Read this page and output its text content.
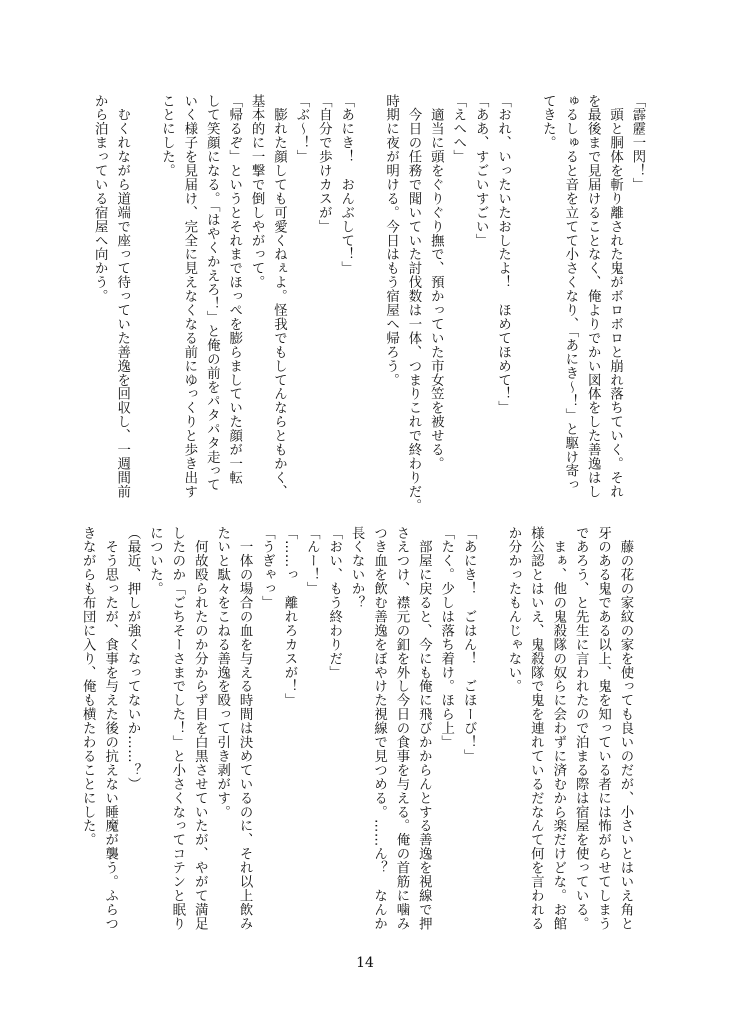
「霹靂一閃！」
　頭と胴体を斬り離された鬼がボロボロと崩れ落ちていく。それ
を最後まで見届けることなく、俺よりでかい図体をした善逸はし
ゅるしゅると音を立てて小さくなり、「あにき〜！」と駆け寄っ
てきた。

「おれ、いったいたおしたよ！　ほめてほめて！」
「ああ、すごいすごい」
「えへへ」
　適当に頭をぐりぐり撫で、預かっていた市女笠を被せる。
　今日の任務で聞いていた討伐数は一体、つまりこれで終わりだ。
時期に夜が明ける。今日はもう宿屋へ帰ろう。

「あにき！　おんぶして！」
「自分で歩けカスが」
「ぶ〜！」
　膨れた顔しても可愛くねぇよ。怪我でもしてんならともかく、
基本的に一撃で倒しやがって。
「帰るぞ」というとそれまでほっぺを膨らましていた顔が一転
して笑顔になる。「はやくかえろ！」と俺の前をパタパタ走って
いく様子を見届け、完全に見えなくなる前にゆっくりと歩き出す
ことにした。

　むくれながら道端で座って待っていた善逸を回収し、一週間前
から泊まっている宿屋へ向かう。
　藤の花の家紋の家を使っても良いのだが、小さいとはいえ角と
牙のある鬼である以上、鬼を知っている者には怖がらせてしまう
であろう、と先生に言われたので泊まる際は宿屋を使っている。
　まぁ、他の鬼殺隊の奴らに会わずに済むから楽だけどな。お館
様公認とはいえ、鬼殺隊で鬼を連れているだなんて何を言われる
か分かったもんじゃない。

「あにき！　ごはん！　ごほーび！」
「たく。少しは落ち着け。ほら上」
　部屋に戻ると、今にも俺に飛びかからんとする善逸を視線で押
さえつけ、襟元の釦を外し今日の食事を与える。俺の首筋に噛み
つき血を飲む善逸をぼやけた視線で見つめる。……ん？　なんか
長くないか？
「おい、もう終わりだ」
「んー！」
「……っ　離れろカスが！」
「うぎゃっ」
　一体の場合の血を与える時間は決めているのに、それ以上飲み
たいと駄々をこねる善逸を殴って引き剥がす。
　何故殴られたのか分からず目を白黒させていたが、やがて満足
したのか「ごちそーさまでした！」と小さくなってコテンと眠り
についた。
（最近、押しが強くなってないか……？）
　そう思ったが、食事を与えた後の抗えない睡魔が襲う。ふらつ
きながらも布団に入り、俺も横たわることにした。
14
